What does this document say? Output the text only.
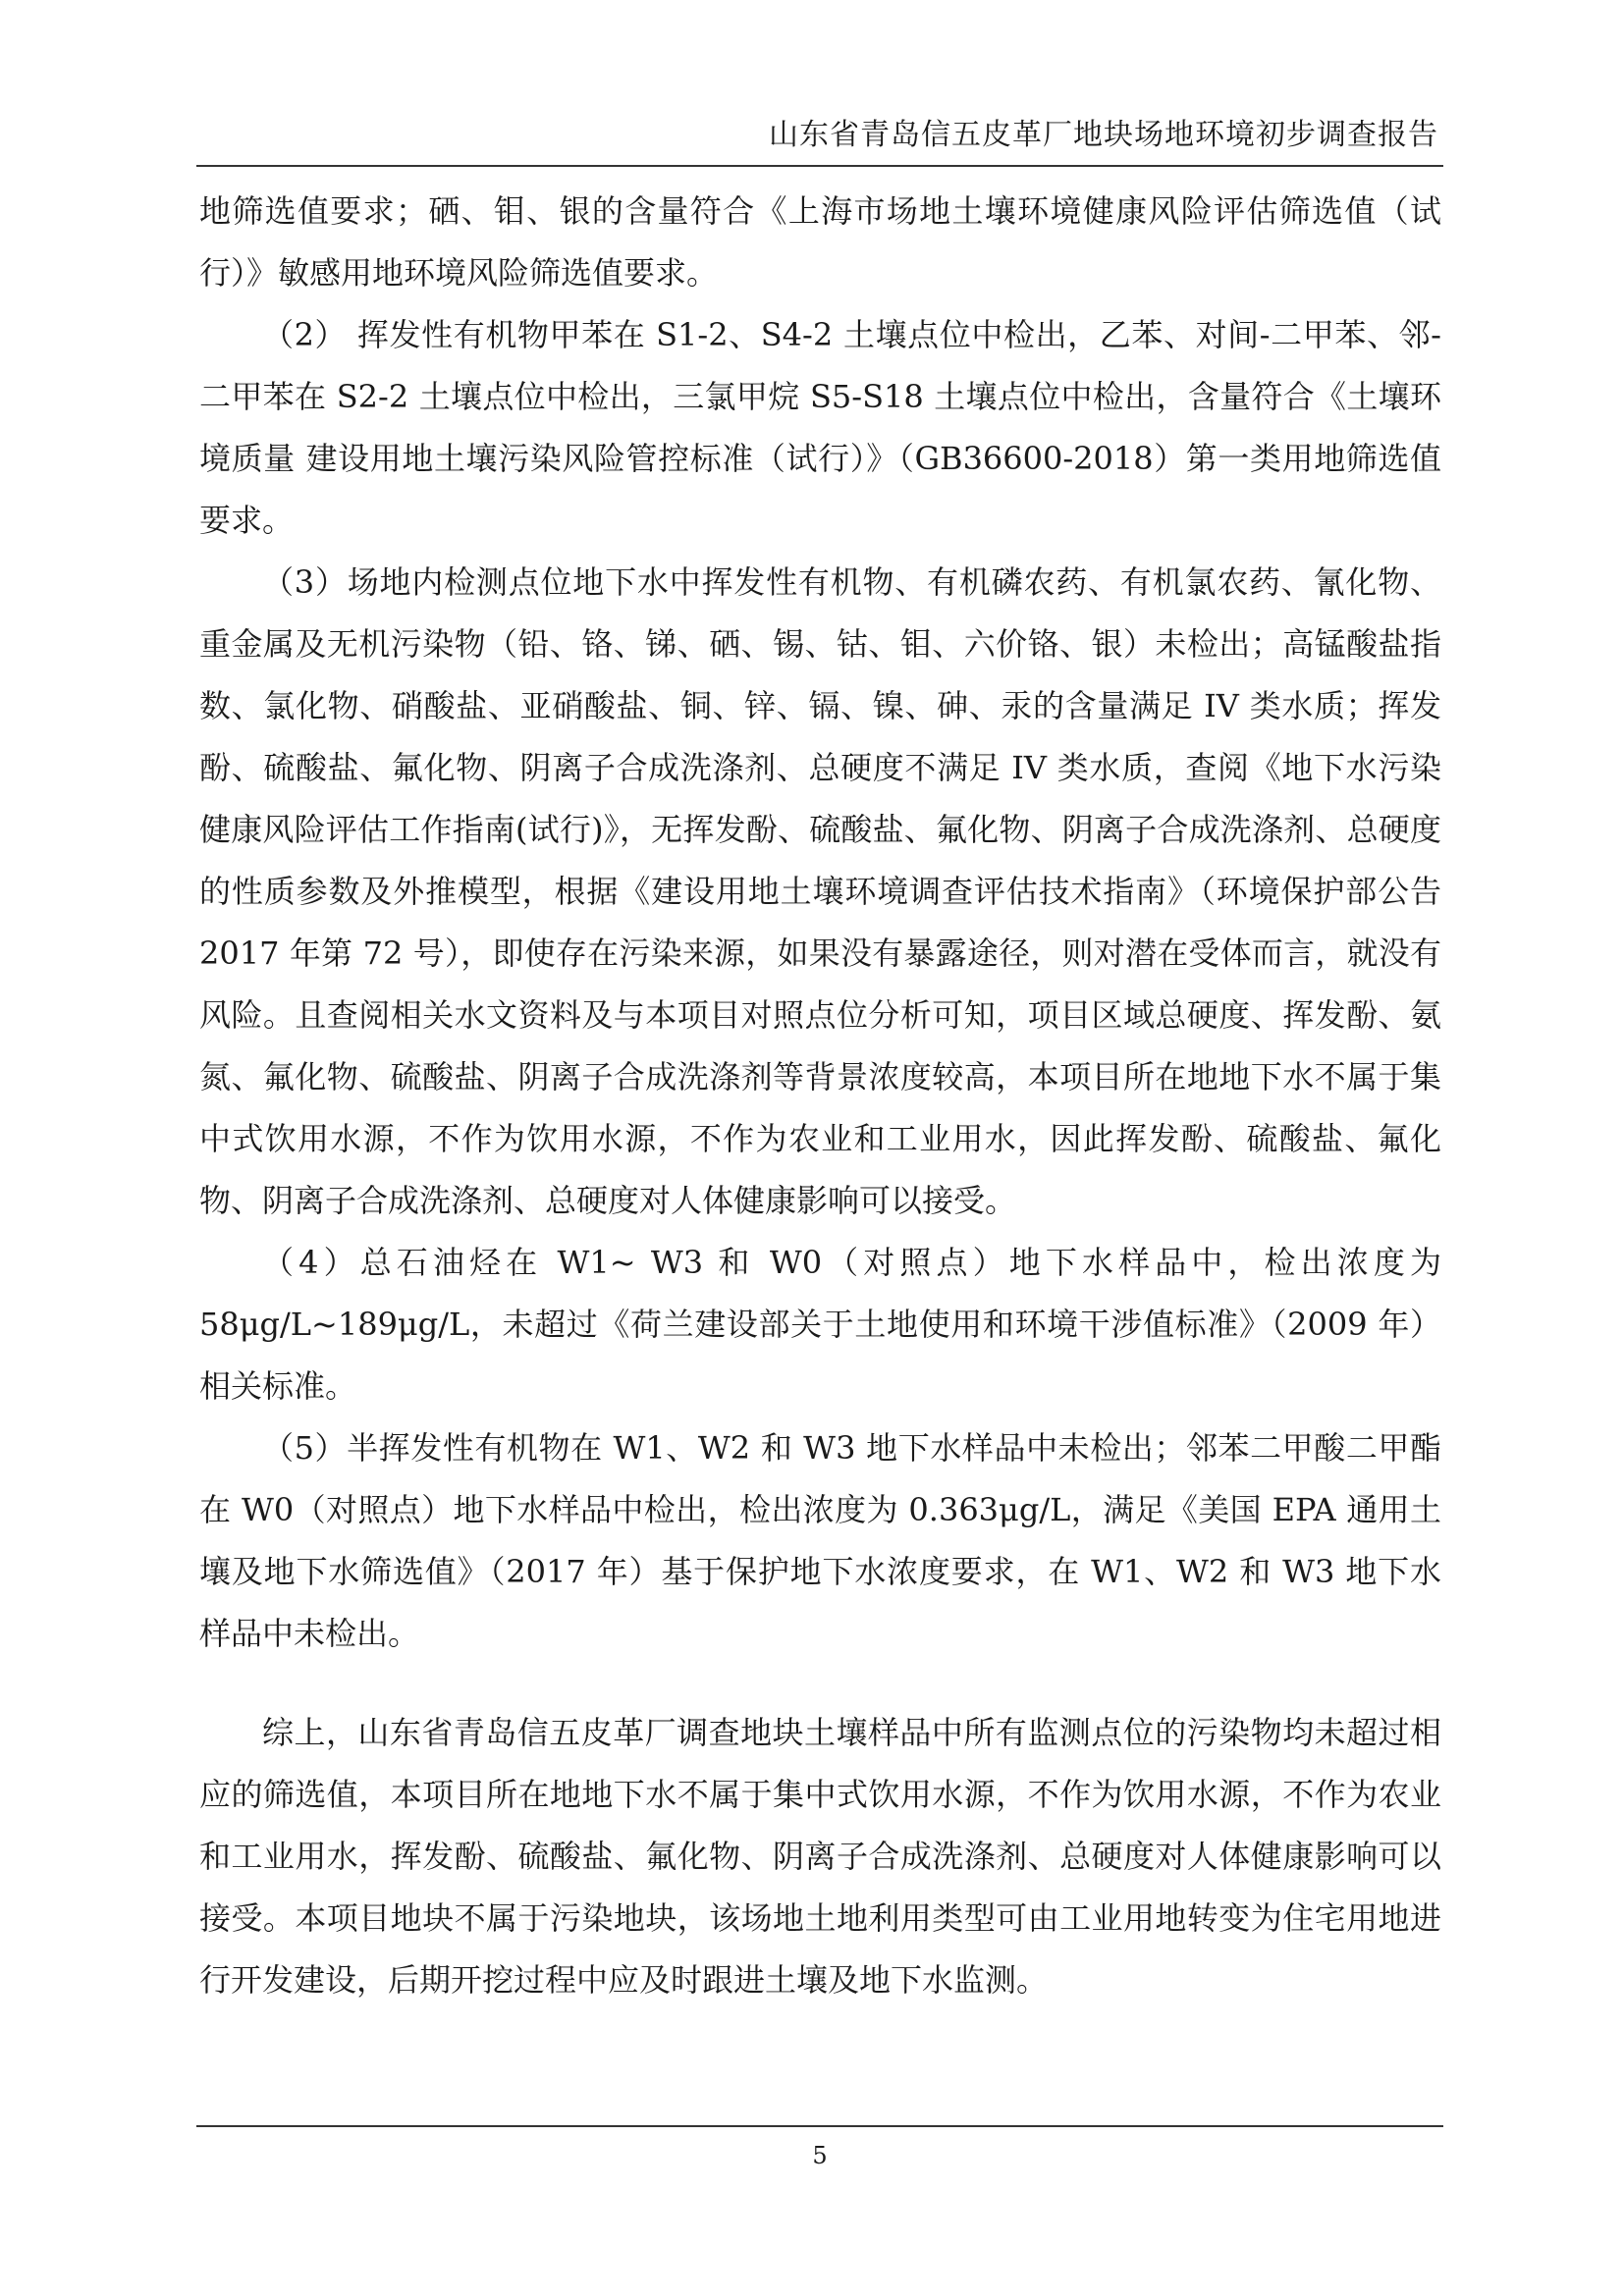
山东省青岛信五皮革厂地块场地环境初步调查报告

地筛选值要求；硒、钼、银的含量符合《上海市场地土壤环境健康风险评估筛选值（试行）》敏感用地环境风险筛选值要求。

（2） 挥发性有机物甲苯在 S1-2、S4-2 土壤点位中检出，乙苯、对间-二甲苯、邻-二甲苯在 S2-2 土壤点位中检出，三氯甲烷 S5-S18 土壤点位中检出，含量符合《土壤环境质量 建设用地土壤污染风险管控标准（试行）》（GB36600-2018）第一类用地筛选值要求。

（3）场地内检测点位地下水中挥发性有机物、有机磷农药、有机氯农药、氰化物、重金属及无机污染物（铅、铬、锑、硒、锡、钴、钼、六价铬、银）未检出；高锰酸盐指数、氯化物、硝酸盐、亚硝酸盐、铜、锌、镉、镍、砷、汞的含量满足 IV 类水质；挥发酚、硫酸盐、氟化物、阴离子合成洗涤剂、总硬度不满足 IV 类水质，查阅《地下水污染健康风险评估工作指南(试行)》，无挥发酚、硫酸盐、氟化物、阴离子合成洗涤剂、总硬度的性质参数及外推模型，根据《建设用地土壤环境调查评估技术指南》（环境保护部公告 2017 年第 72 号），即使存在污染来源，如果没有暴露途径，则对潜在受体而言，就没有风险。且查阅相关水文资料及与本项目对照点位分析可知，项目区域总硬度、挥发酚、氨氮、氟化物、硫酸盐、阴离子合成洗涤剂等背景浓度较高，本项目所在地地下水不属于集中式饮用水源，不作为饮用水源，不作为农业和工业用水，因此挥发酚、硫酸盐、氟化物、阴离子合成洗涤剂、总硬度对人体健康影响可以接受。

（4）总石油烃在 W1~ W3 和 W0（对照点）地下水样品中，检出浓度为 58μg/L~189μg/L，未超过《荷兰建设部关于土地使用和环境干涉值标准》（2009 年）相关标准。

（5）半挥发性有机物在 W1、W2 和 W3 地下水样品中未检出；邻苯二甲酸二甲酯在 W0（对照点）地下水样品中检出，检出浓度为 0.363μg/L，满足《美国 EPA 通用土壤及地下水筛选值》（2017 年）基于保护地下水浓度要求，在 W1、W2 和 W3 地下水样品中未检出。

综上，山东省青岛信五皮革厂调查地块土壤样品中所有监测点位的污染物均未超过相应的筛选值，本项目所在地地下水不属于集中式饮用水源，不作为饮用水源，不作为农业和工业用水，挥发酚、硫酸盐、氟化物、阴离子合成洗涤剂、总硬度对人体健康影响可以接受。本项目地块不属于污染地块，该场地土地利用类型可由工业用地转变为住宅用地进行开发建设，后期开挖过程中应及时跟进土壤及地下水监测。

5
